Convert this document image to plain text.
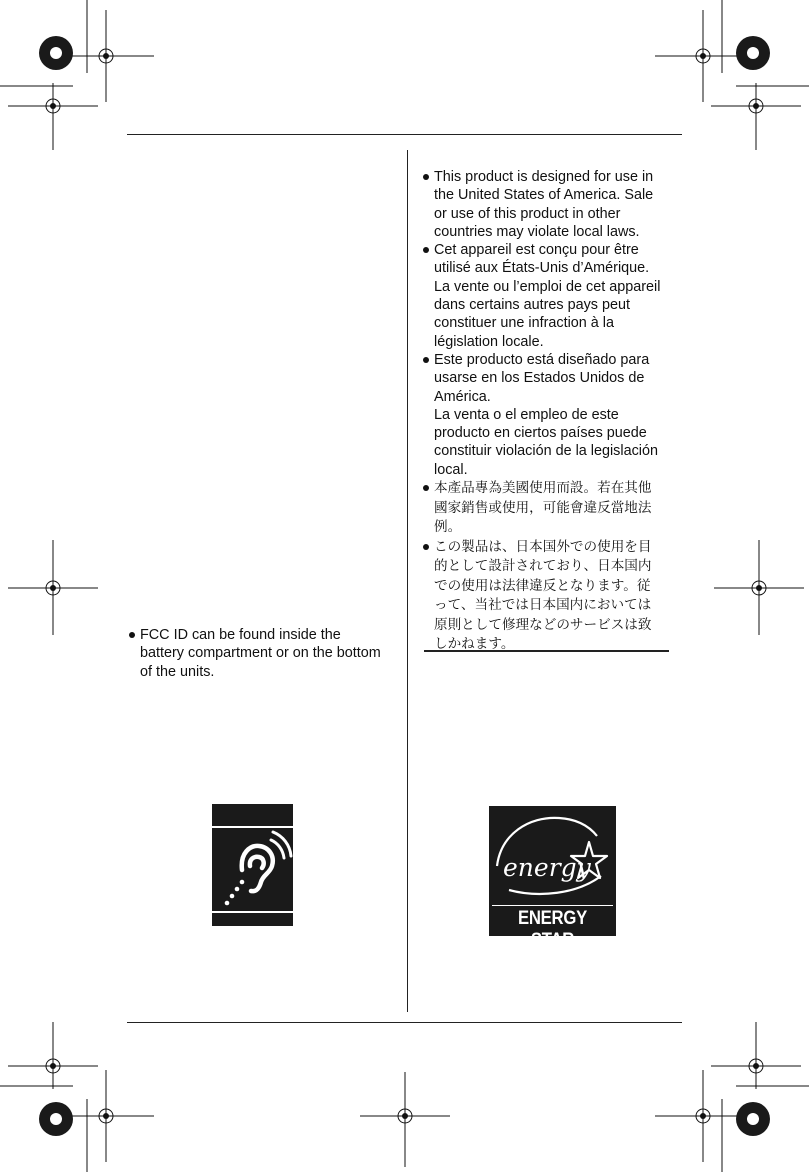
FCC ID can be found inside the
battery compartment or on the bottom
of the units.
This product is designed for use in
the United States of America. Sale
or use of this product in other
countries may violate local laws.
Cet appareil est conçu pour être
utilisé aux États-Unis d’Amérique.
La vente ou l’emploi de cet appareil
dans certains autres pays peut
constituer une infraction à la
législation locale.
Este producto está diseñado para
usarse en los Estados Unidos de
América.
La venta o el empleo de este
producto en ciertos países puede
constituir violación de la legislación
local.
本產品專為美國使用而設。若在其他
國家銷售或使用，可能會違反當地法
例。
この製品は、日本国外での使用を目
的として設計されており、日本国内
での使用は法律違反となります。従
って、当社では日本国内においては
原則として修理などのサービスは致
しかねます。
energy
ENERGY STAR
